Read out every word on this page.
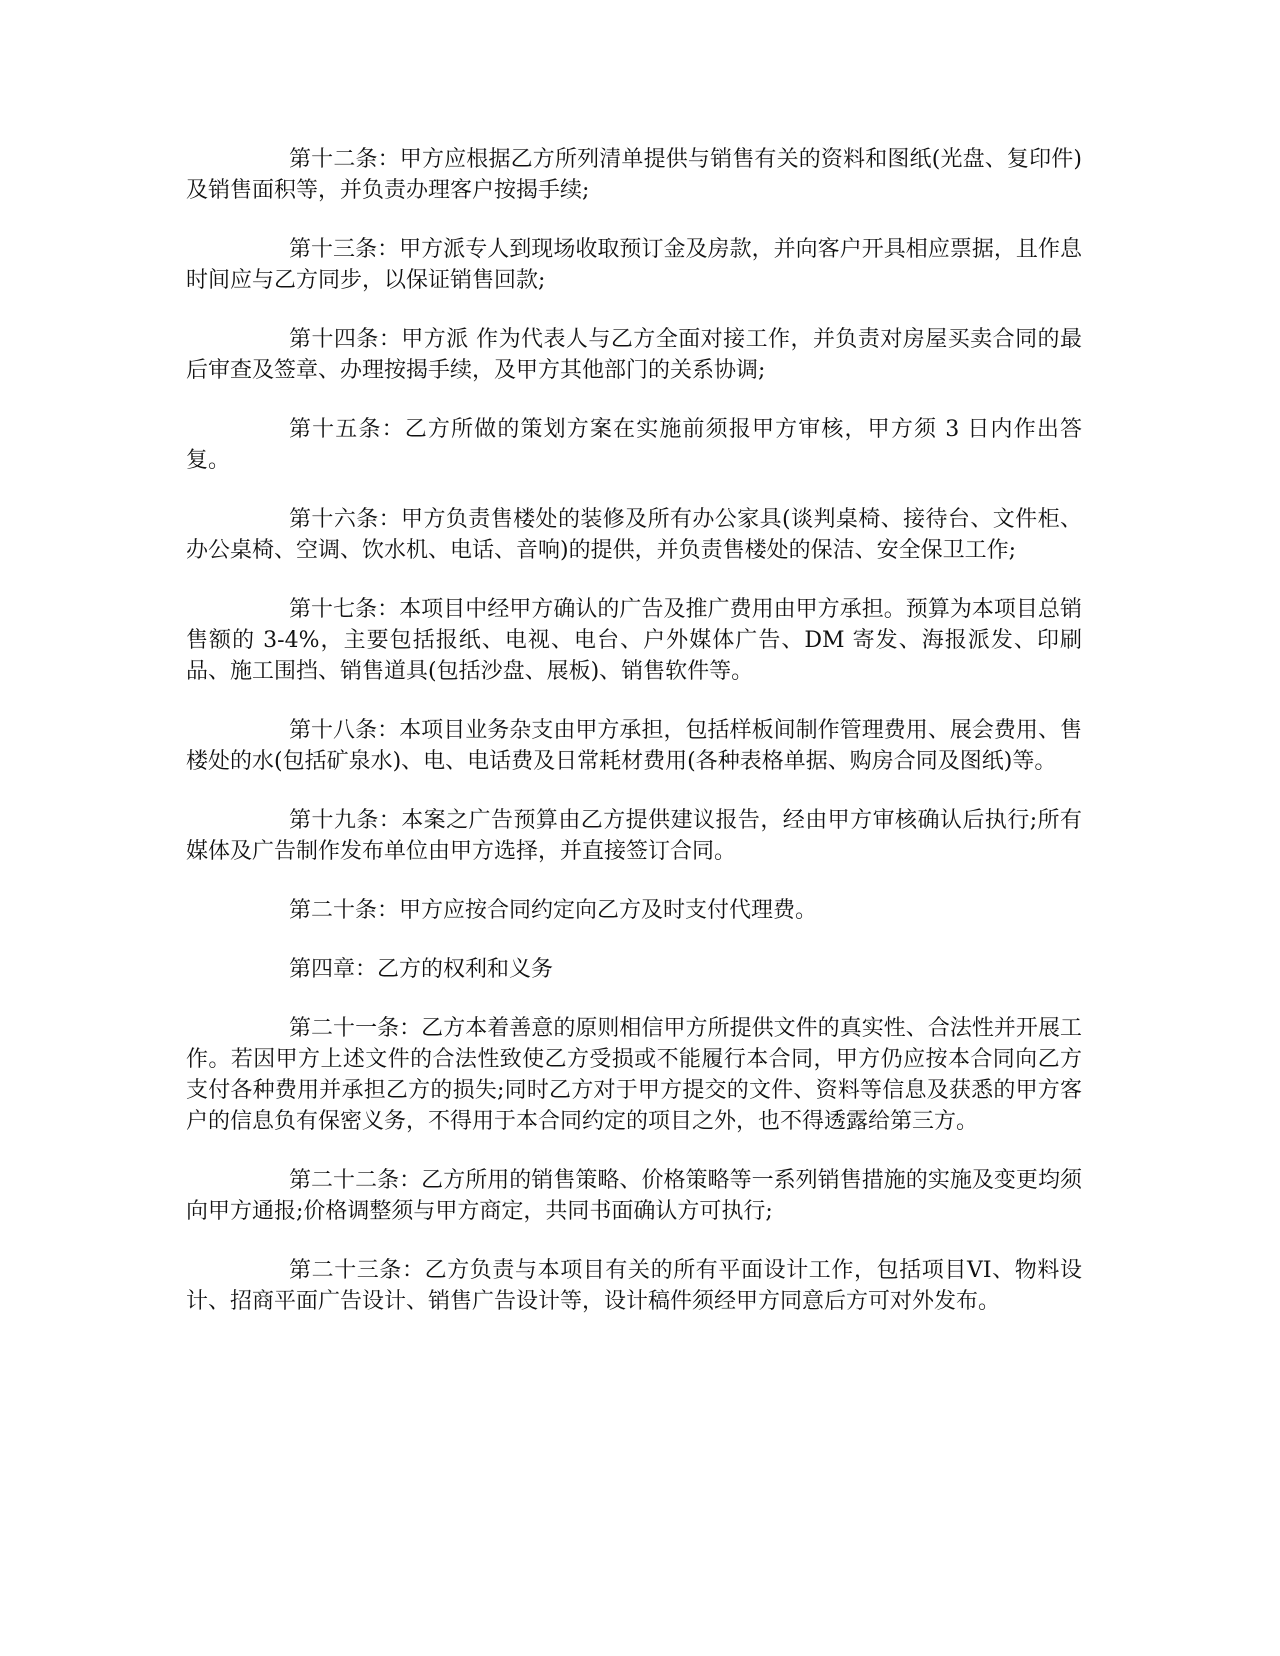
第十二条：甲方应根据乙方所列清单提供与销售有关的资料和图纸(光盘、复印件)及销售面积等，并负责办理客户按揭手续;

第十三条：甲方派专人到现场收取预订金及房款，并向客户开具相应票据，且作息时间应与乙方同步，以保证销售回款;

第十四条：甲方派 作为代表人与乙方全面对接工作，并负责对房屋买卖合同的最后审查及签章、办理按揭手续，及甲方其他部门的关系协调;

第十五条：乙方所做的策划方案在实施前须报甲方审核，甲方须 3 日内作出答复。

第十六条：甲方负责售楼处的装修及所有办公家具(谈判桌椅、接待台、文件柜、办公桌椅、空调、饮水机、电话、音响)的提供，并负责售楼处的保洁、安全保卫工作;

第十七条：本项目中经甲方确认的广告及推广费用由甲方承担。预算为本项目总销售额的 3-4%，主要包括报纸、电视、电台、户外媒体广告、DM 寄发、海报派发、印刷品、施工围挡、销售道具(包括沙盘、展板)、销售软件等。

第十八条：本项目业务杂支由甲方承担，包括样板间制作管理费用、展会费用、售楼处的水(包括矿泉水)、电、电话费及日常耗材费用(各种表格单据、购房合同及图纸)等。

第十九条：本案之广告预算由乙方提供建议报告，经由甲方审核确认后执行;所有媒体及广告制作发布单位由甲方选择，并直接签订合同。

第二十条：甲方应按合同约定向乙方及时支付代理费。

第四章：乙方的权利和义务

第二十一条：乙方本着善意的原则相信甲方所提供文件的真实性、合法性并开展工作。若因甲方上述文件的合法性致使乙方受损或不能履行本合同，甲方仍应按本合同向乙方支付各种费用并承担乙方的损失;同时乙方对于甲方提交的文件、资料等信息及获悉的甲方客户的信息负有保密义务，不得用于本合同约定的项目之外，也不得透露给第三方。

第二十二条：乙方所用的销售策略、价格策略等一系列销售措施的实施及变更均须向甲方通报;价格调整须与甲方商定，共同书面确认方可执行;

第二十三条：乙方负责与本项目有关的所有平面设计工作，包括项目VI、物料设计、招商平面广告设计、销售广告设计等，设计稿件须经甲方同意后方可对外发布。
